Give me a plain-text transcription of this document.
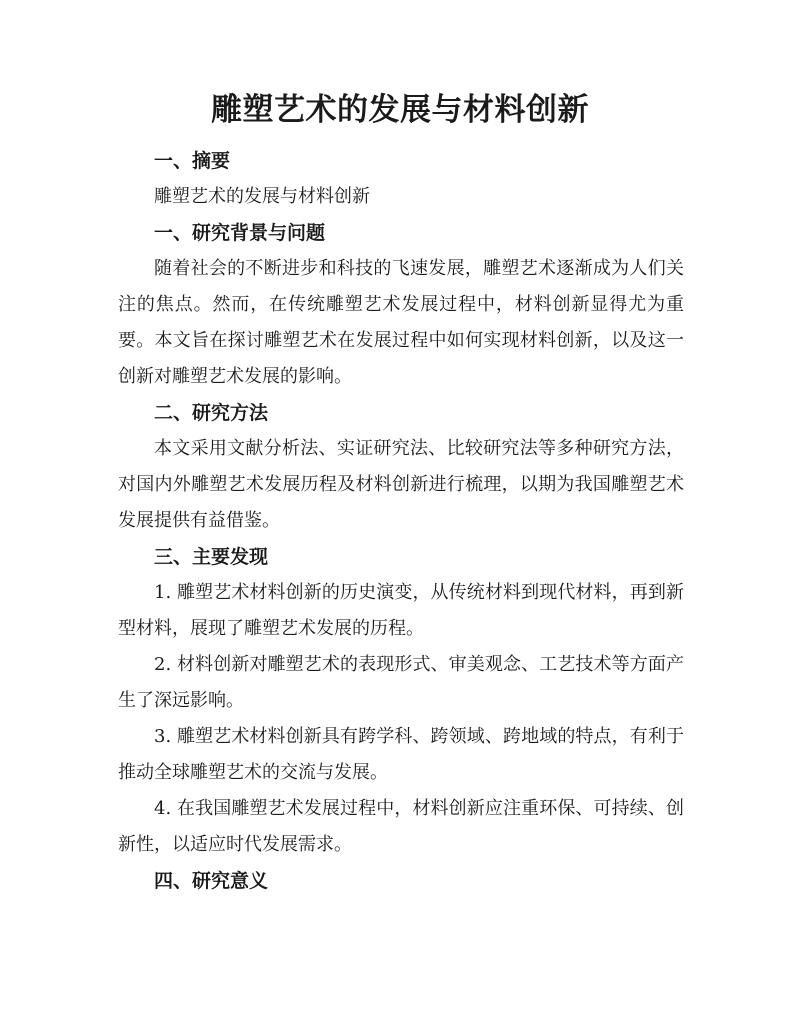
雕塑艺术的发展与材料创新
一、摘要

雕塑艺术的发展与材料创新

一、研究背景与问题

随着社会的不断进步和科技的飞速发展，雕塑艺术逐渐成为人们关注的焦点。然而，在传统雕塑艺术发展过程中，材料创新显得尤为重要。本文旨在探讨雕塑艺术在发展过程中如何实现材料创新，以及这一创新对雕塑艺术发展的影响。

二、研究方法

本文采用文献分析法、实证研究法、比较研究法等多种研究方法，对国内外雕塑艺术发展历程及材料创新进行梳理，以期为我国雕塑艺术发展提供有益借鉴。

三、主要发现

1. 雕塑艺术材料创新的历史演变，从传统材料到现代材料，再到新型材料，展现了雕塑艺术发展的历程。

2. 材料创新对雕塑艺术的表现形式、审美观念、工艺技术等方面产生了深远影响。

3. 雕塑艺术材料创新具有跨学科、跨领域、跨地域的特点，有利于推动全球雕塑艺术的交流与发展。

4. 在我国雕塑艺术发展过程中，材料创新应注重环保、可持续、创新性，以适应时代发展需求。

四、研究意义
